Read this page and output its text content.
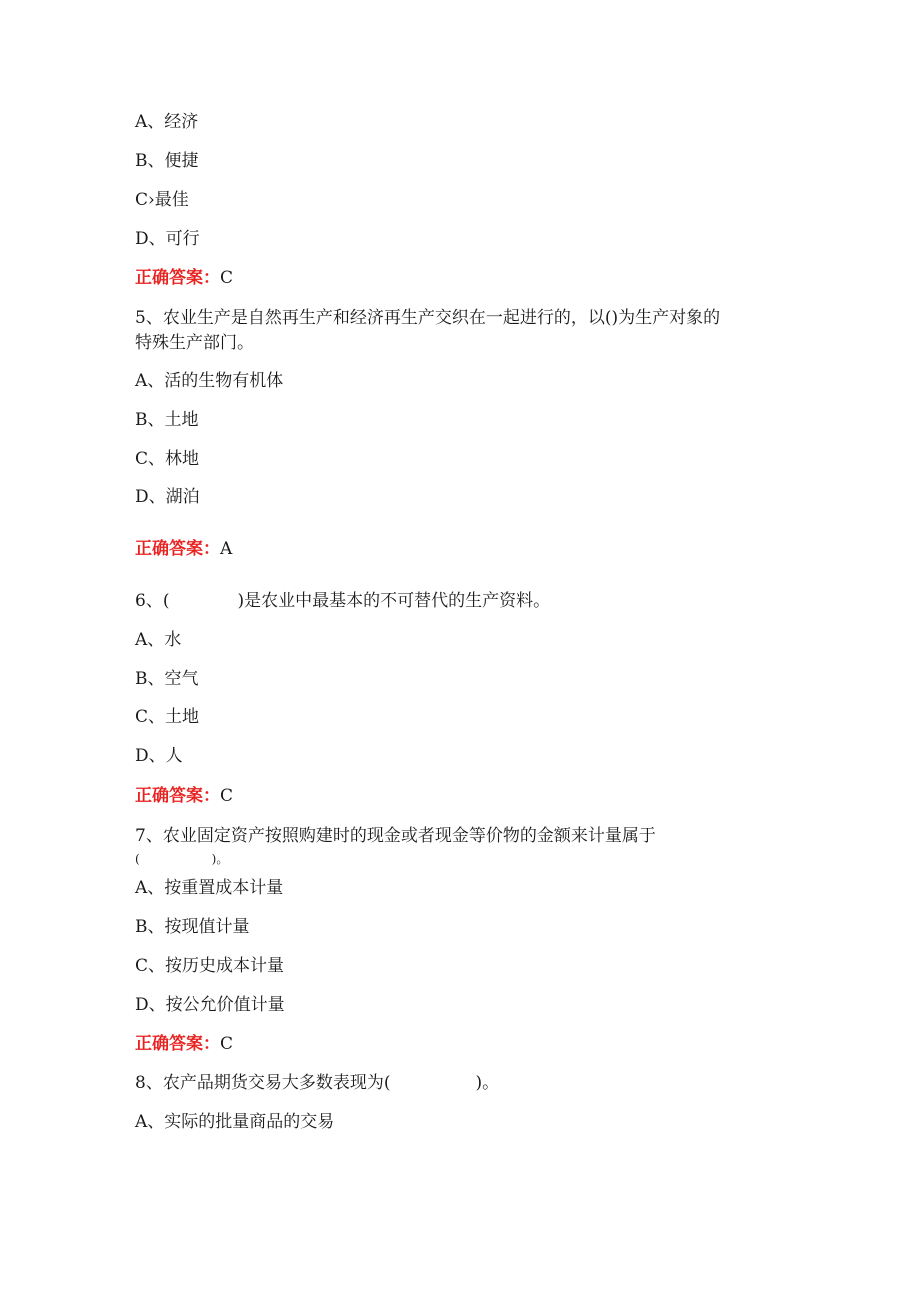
A、经济
B、便捷
C›最佳
D、可行
正确答案：C
5、农业生产是自然再生产和经济再生产交织在一起进行的，以()为生产对象的
特殊生产部门。
A、活的生物有机体
B、土地
C、林地
D、湖泊
正确答案：A
6、(　　　　)是农业中最基本的不可替代的生产资料。
A、水
B、空气
C、土地
D、人
正确答案：C
7、农业固定资产按照购建时的现金或者现金等价物的金额来计量属于
(　　　　　　)。
A、按重置成本计量
B、按现值计量
C、按历史成本计量
D、按公允价值计量
正确答案：C
8、农产品期货交易大多数表现为(　　　　　)。
A、实际的批量商品的交易
